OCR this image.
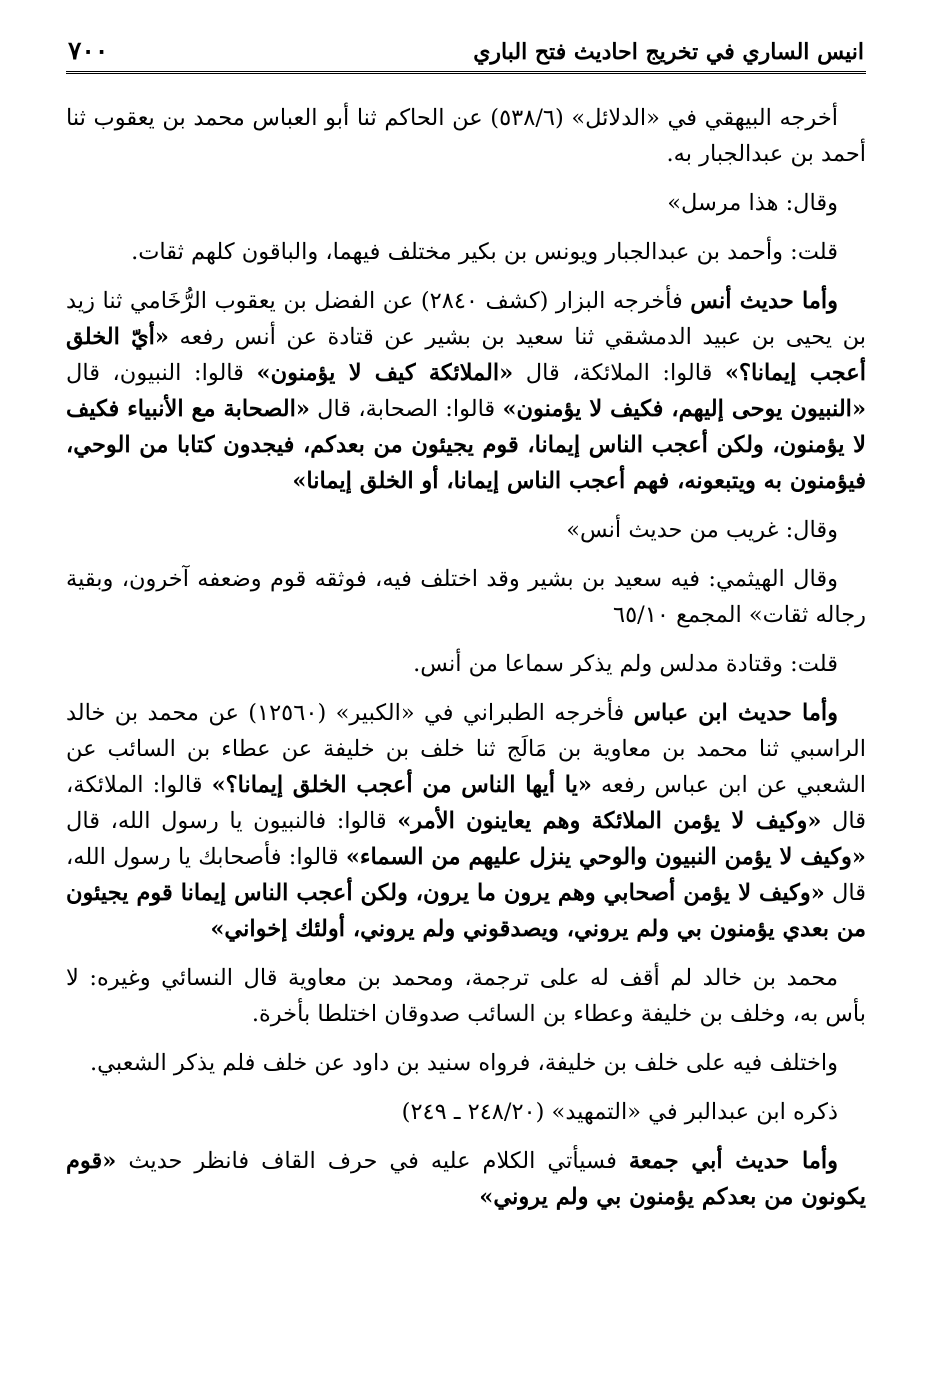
انيس الساري في تخريج احاديث فتح الباري
٧٠٠

أخرجه البيهقي في «الدلائل» (٥٣٨/٦) عن الحاكم ثنا أبو العباس محمد بن يعقوب ثنا أحمد بن عبدالجبار به.

وقال: هذا مرسل»

قلت: وأحمد بن عبدالجبار ويونس بن بكير مختلف فيهما، والباقون كلهم ثقات.

وأما حديث أنس فأخرجه البزار (كشف ٢٨٤٠) عن الفضل بن يعقوب الرُّخَامي ثنا زيد بن يحيى بن عبيد الدمشقي ثنا سعيد بن بشير عن قتادة عن أنس رفعه «أيّ الخلق أعجب إيمانا؟» قالوا: الملائكة، قال «الملائكة كيف لا يؤمنون» قالوا: النبيون، قال «النبيون يوحى إليهم، فكيف لا يؤمنون» قالوا: الصحابة، قال «الصحابة مع الأنبياء فكيف لا يؤمنون، ولكن أعجب الناس إيمانا، قوم يجيئون من بعدكم، فيجدون كتابا من الوحي، فيؤمنون به ويتبعونه، فهم أعجب الناس إيمانا، أو الخلق إيمانا»

وقال: غريب من حديث أنس»

وقال الهيثمي: فيه سعيد بن بشير وقد اختلف فيه، فوثقه قوم وضعفه آخرون، وبقية رجاله ثقات» المجمع ٦٥/١٠

قلت: وقتادة مدلس ولم يذكر سماعا من أنس.

وأما حديث ابن عباس فأخرجه الطبراني في «الكبير» (١٢٥٦٠) عن محمد بن خالد الراسبي ثنا محمد بن معاوية بن مَالَج ثنا خلف بن خليفة عن عطاء بن السائب عن الشعبي عن ابن عباس رفعه «يا أيها الناس من أعجب الخلق إيمانا؟» قالوا: الملائكة، قال «وكيف لا يؤمن الملائكة وهم يعاينون الأمر» قالوا: فالنبيون يا رسول الله، قال «وكيف لا يؤمن النبيون والوحي ينزل عليهم من السماء» قالوا: فأصحابك يا رسول الله، قال «وكيف لا يؤمن أصحابي وهم يرون ما يرون، ولكن أعجب الناس إيمانا قوم يجيئون من بعدي يؤمنون بي ولم يروني، ويصدقوني ولم يروني، أولئك إخواني»

محمد بن خالد لم أقف له على ترجمة، ومحمد بن معاوية قال النسائي وغيره: لا بأس به، وخلف بن خليفة وعطاء بن السائب صدوقان اختلطا بأخرة.

واختلف فيه على خلف بن خليفة، فرواه سنيد بن داود عن خلف فلم يذكر الشعبي.

ذكره ابن عبدالبر في «التمهيد» (٢٤٨/٢٠ ـ ٢٤٩)

وأما حديث أبي جمعة فسيأتي الكلام عليه في حرف القاف فانظر حديث «قوم يكونون من بعدكم يؤمنون بي ولم يروني»
